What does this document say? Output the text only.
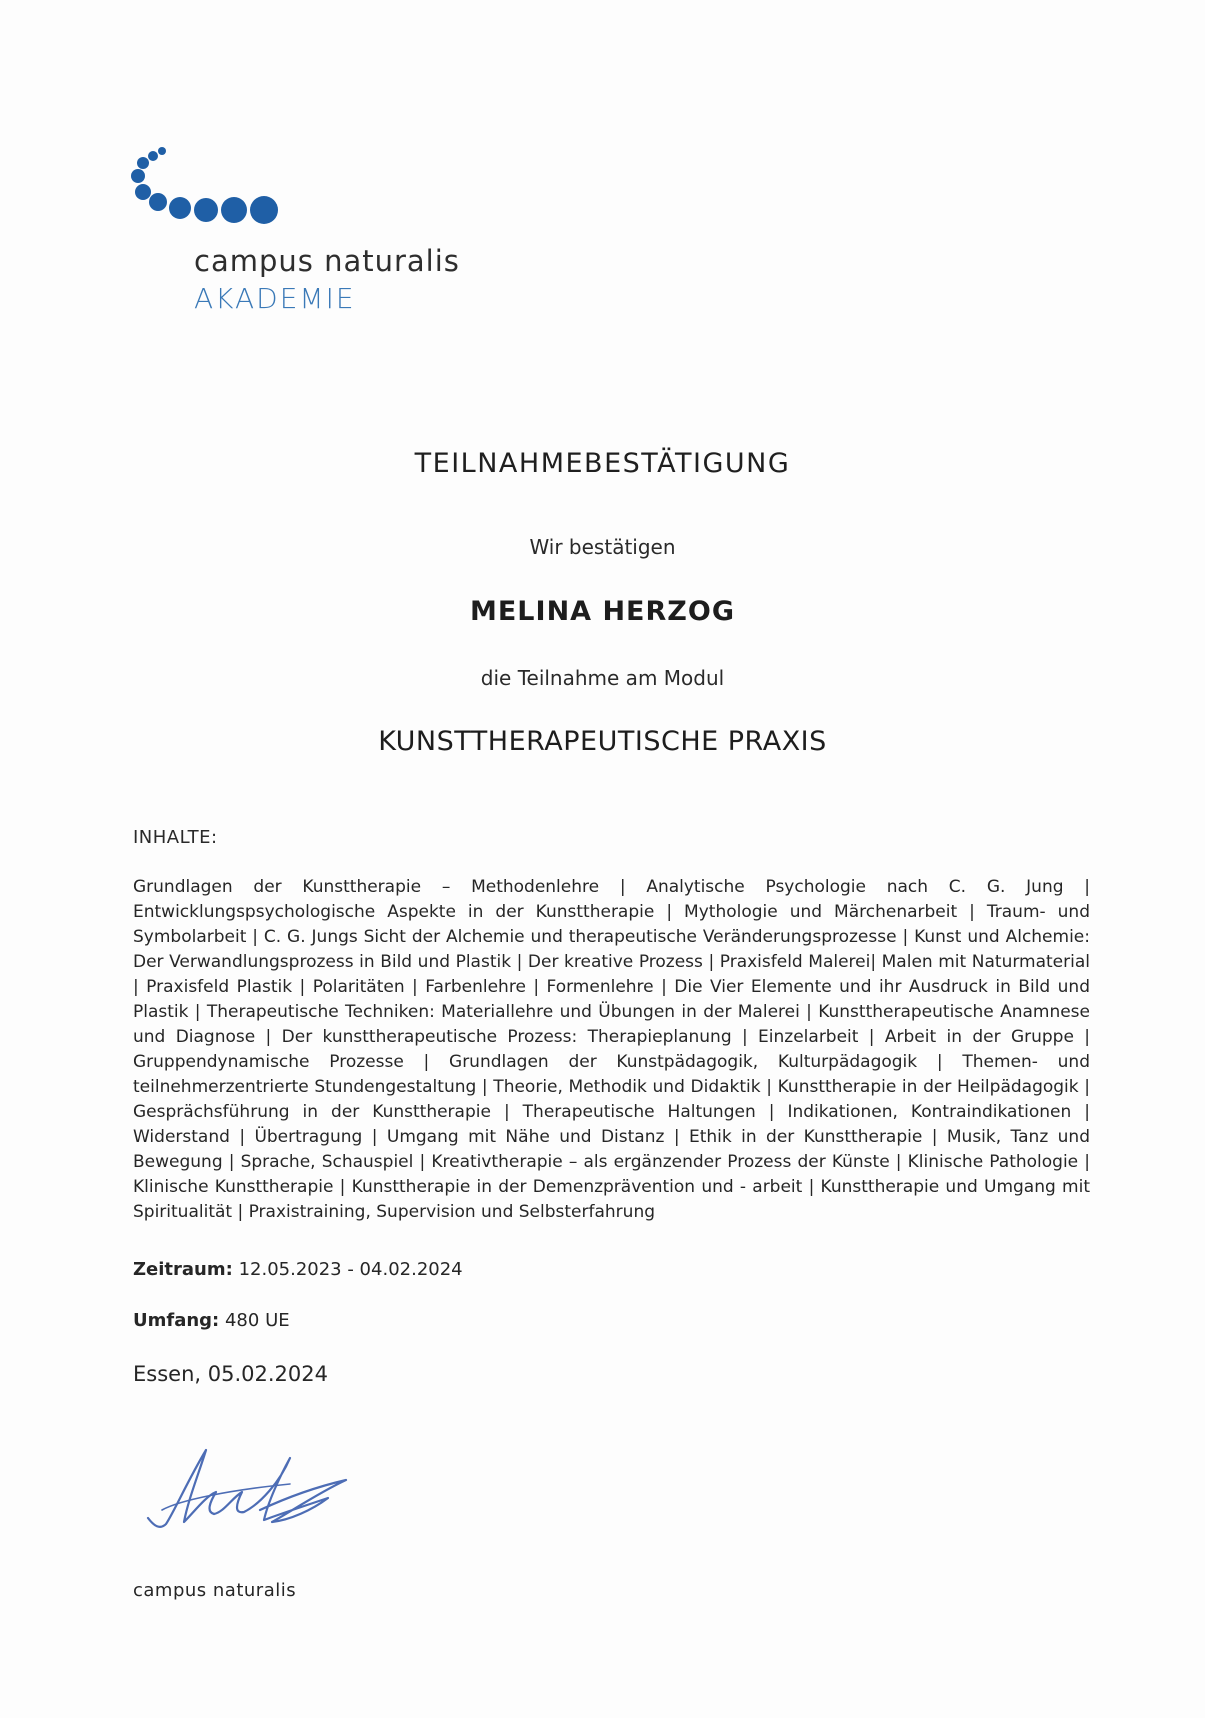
campus naturalis
AKADEMIE
TEILNAHMEBESTÄTIGUNG
Wir bestätigen
MELINA HERZOG
die Teilnahme am Modul
KUNSTTHERAPEUTISCHE PRAXIS
INHALTE:
Grundlagen der Kunsttherapie – Methodenlehre | Analytische Psychologie nach C. G. Jung | Entwicklungspsychologische Aspekte in der Kunsttherapie | Mythologie und Märchenarbeit | Traum- und Symbolarbeit | C. G. Jungs Sicht der Alchemie und therapeutische Veränderungsprozesse | Kunst und Alchemie: Der Verwandlungsprozess in Bild und Plastik | Der kreative Prozess | Praxisfeld Malerei| Malen mit Naturmaterial | Praxisfeld Plastik | Polaritäten | Farbenlehre | Formenlehre | Die Vier Elemente und ihr Ausdruck in Bild und Plastik | Therapeutische Techniken: Materiallehre und Übungen in der Malerei | Kunsttherapeutische Anamnese und Diagnose | Der kunsttherapeutische Prozess: Therapieplanung | Einzelarbeit | Arbeit in der Gruppe | Gruppendynamische Prozesse | Grundlagen der Kunstpädagogik, Kulturpädagogik | Themen- und teilnehmerzentrierte Stundengestaltung | Theorie, Methodik und Didaktik | Kunsttherapie in der Heilpädagogik | Gesprächsführung in der Kunsttherapie | Therapeutische Haltungen | Indikationen, Kontraindikationen | Widerstand | Übertragung | Umgang mit Nähe und Distanz | Ethik in der Kunsttherapie | Musik, Tanz und Bewegung | Sprache, Schauspiel | Kreativtherapie – als ergänzender Prozess der Künste | Klinische Pathologie | Klinische Kunsttherapie | Kunsttherapie in der Demenzprävention und - arbeit | Kunsttherapie und Umgang mit Spiritualität | Praxistraining, Supervision und Selbsterfahrung
Zeitraum: 12.05.2023 - 04.02.2024
Umfang: 480 UE
Essen, 05.02.2024
campus naturalis
